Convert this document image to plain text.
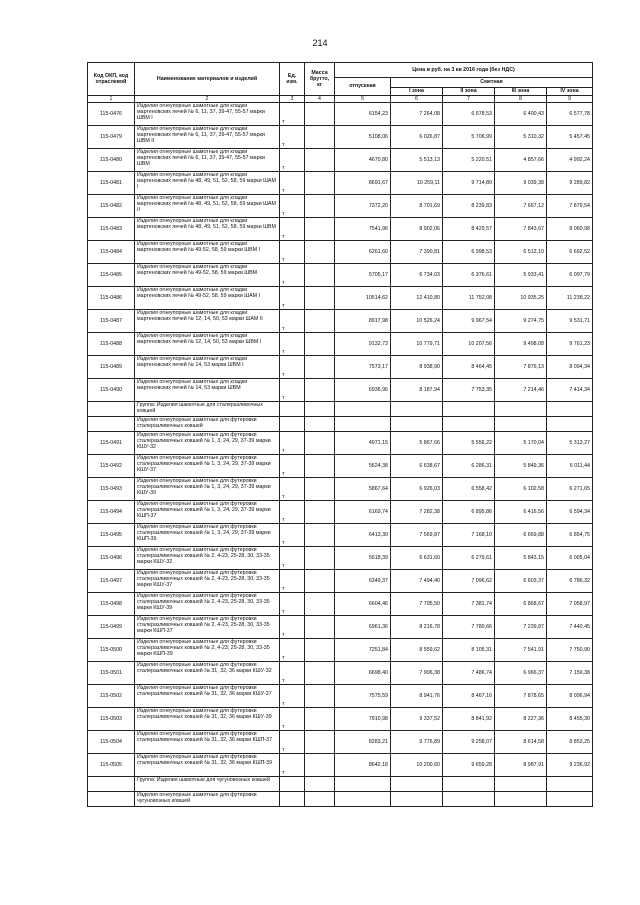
214
Код ОКП, код отраслевой	Наименование материалов и изделий	Ед. изм.	Масса брутто, кг	Цена в руб. на 3 кв 2016 года (без НДС)				
				отпускная	Сметная			
					I зона	II зона	III зона	IV зона
1	2	3	4	5	6	7	8	9
115-0476	Изделия огнеупорные шамотные для кладки мартеновских печей № 6, 11, 37, 39-47, 55-57 марки ШВМ I	т		6154,23	7 264,08	6 678,53	6 400,43	6 577,78
115-0479	Изделия огнеупорные шамотные для кладки мартеновских печей № 6, 11, 37, 39-47, 55-57 марки ШВМ II	т		5108,06	6 026,87	5 706,99	5 310,32	5 457,45
115-0480	Изделия огнеупорные шамотные для кладки мартеновских печей № 6, 11, 37, 39-47, 55-57 марки ШВМ	т		4670,80	5 513,13	5 220,51	4 857,66	4 992,24
115-0481	Изделия огнеупорные шамотные для кладки мартеновских печей № 48, 49, 51, 52, 58, 59 марки ШАМ I	т		8691,67	10 259,11	9 714,80	9 039,38	9 289,82
115-0482	Изделия огнеупорные шамотные для кладки мартеновских печей № 48, 49, 51, 52, 58, 59 марки ШАМ II	т		7372,20	8 701,69	8 239,83	7 667,12	7 879,54
115-0483	Изделия огнеупорные шамотные для кладки мартеновских печей № 48, 49, 51, 52, 58, 59 марки ШВМ	т		7541,96	8 902,06	8 429,57	7 843,67	8 060,98
115-0484	Изделия огнеупорные шамотные для кладки мартеновских печей № 49-52, 58, 59 марки ШВМ I	т		6261,60	7 390,81	6 998,53	6 512,10	6 692,52
115-0485	Изделия огнеупорные шамотные для кладки мартеновских печей № 49-52, 58, 59 марки ШВМ	т		5705,17	6 734,03	6 376,61	5 933,41	6 097,79
115-0486	Изделия огнеупорные шамотные для кладки мартеновских печей № 49-52, 58, 59 марки ШАМ I	т		10514,62	12 410,80	11 752,08	10 935,25	11 238,22
115-0487	Изделия огнеупорные шамотные для кладки мартеновских печей № 12, 14, 50, 53 марки ШАМ II	т		8917,98	10 526,24	9 967,54	9 274,75	9 531,71
115-0488	Изделия огнеупорные шамотные для кладки мартеновских печей № 12, 14, 50, 53 марки ШВМ I	т		9132,73	10 779,71	10 207,56	9 498,08	9 761,23
115-0489	Изделия огнеупорные шамотные для кладки мартеновских печей № 14, 53 марки ШВМ I	т		7573,17	8 938,90	8 464,45	7 876,13	8 094,34
115-0490	Изделия огнеупорные шамотные для кладки мартеновских печей № 14, 53 марки ШВМ	т		6936,96	8 187,94	7 753,35	7 214,46	7 414,34
	Группа: Изделия шамотные для сталеразливочных ковшей							
	Изделия огнеупорные шамотные для футеровки сталеразливочных ковшей							
115-0491	Изделия огнеупорные шамотные для футеровки сталеразливочных ковшей № 1, 3, 24, 29, 37-39 марки КШУ-32	т		4971,15	5 867,66	5 556,22	5 170,04	5 313,27
115-0492	Изделия огнеупорные шамотные для футеровки сталеразливочных ковшей № 1, 3, 24, 29, 37-39 марки КШУ-37	т		5624,38	6 638,67	6 286,31	5 849,36	6 011,44
115-0493	Изделия огнеупорные шамотные для футеровки сталеразливочных ковшей № 1, 3, 24, 29, 37-39 марки КШУ-39	т		5867,64	6 926,03	6 558,42	6 102,58	6 271,65
115-0494	Изделия огнеупорные шамотные для футеровки сталеразливочных ковшей № 1, 3, 24, 29, 37-39 марки КШП-37	т		6169,74	7 282,38	6 895,86	6 416,56	6 594,34
115-0495	Изделия огнеупорные шамотные для футеровки сталеразливочных ковшей № 1, 3, 24, 29, 37-39 марки КШП-39	т		6413,30	7 569,87	7 168,10	6 669,88	6 854,75
115-0496	Изделия огнеупорные шамотные для футеровки сталеразливочных ковшей № 2, 4-23, 25-28, 30, 33-35 марки КШУ-32	т		5618,39	6 631,60	6 279,61	5 843,15	6 005,04
115-0497	Изделия огнеупорные шамотные для футеровки сталеразливочных ковшей № 2, 4-23, 25-28, 30, 33-35 марки КШУ-37	т		6349,37	7 494,40	7 096,62	6 603,37	6 786,32
115-0498	Изделия огнеупорные шамотные для футеровки сталеразливочных ковшей № 2, 4-23, 25-28, 30, 33-35 марки КШУ-39	т		6604,46	7 795,50	7 381,74	6 868,67	7 058,97
115-0499	Изделия огнеупорные шамотные для футеровки сталеразливочных ковшей № 2, 4-23, 25-28, 30, 33-35 марки КШП-37	т		6961,36	8 216,78	7 780,66	7 239,87	7 440,45
115-0500	Изделия огнеупорные шамотные для футеровки сталеразливочных ковшей № 2, 4-23, 25-28, 30, 33-35 марки КШП-39	т		7251,84	8 559,62	8 105,31	7 541,91	7 750,90
115-0501	Изделия огнеупорные шамотные для футеровки сталеразливочных ковшей № 31, 32, 36 марки КШУ-32	т		6698,40	7 906,38	7 486,74	6 966,37	7 159,38
115-0502	Изделия огнеупорные шамотные для футеровки сталеразливочных ковшей № 31, 32, 36 марки КШУ-37	т		7575,59	8 941,76	8 467,16	7 878,65	8 096,94
115-0503	Изделия огнеупорные шамотные для футеровки сталеразливочных ковшей № 31, 32, 36 марки КШУ-39	т		7910,98	9 337,52	8 841,92	8 227,36	8 455,30
115-0504	Изделия огнеупорные шамотные для футеровки сталеразливочных ковшей № 31, 32, 36 марки КШП-37	т		8283,21	9 776,89	9 258,07	8 614,58	8 853,25
115-0505	Изделия огнеупорные шамотные для футеровки сталеразливочных ковшей № 31, 32, 36 марки КШП-39	т		8642,18	10 200,60	9 659,28	8 987,91	9 236,92
	Группа: Изделия шамотные для чугуновозных ковшей							
	Изделия огнеупорные шамотные для футеровки чугуновозных ковшей							
